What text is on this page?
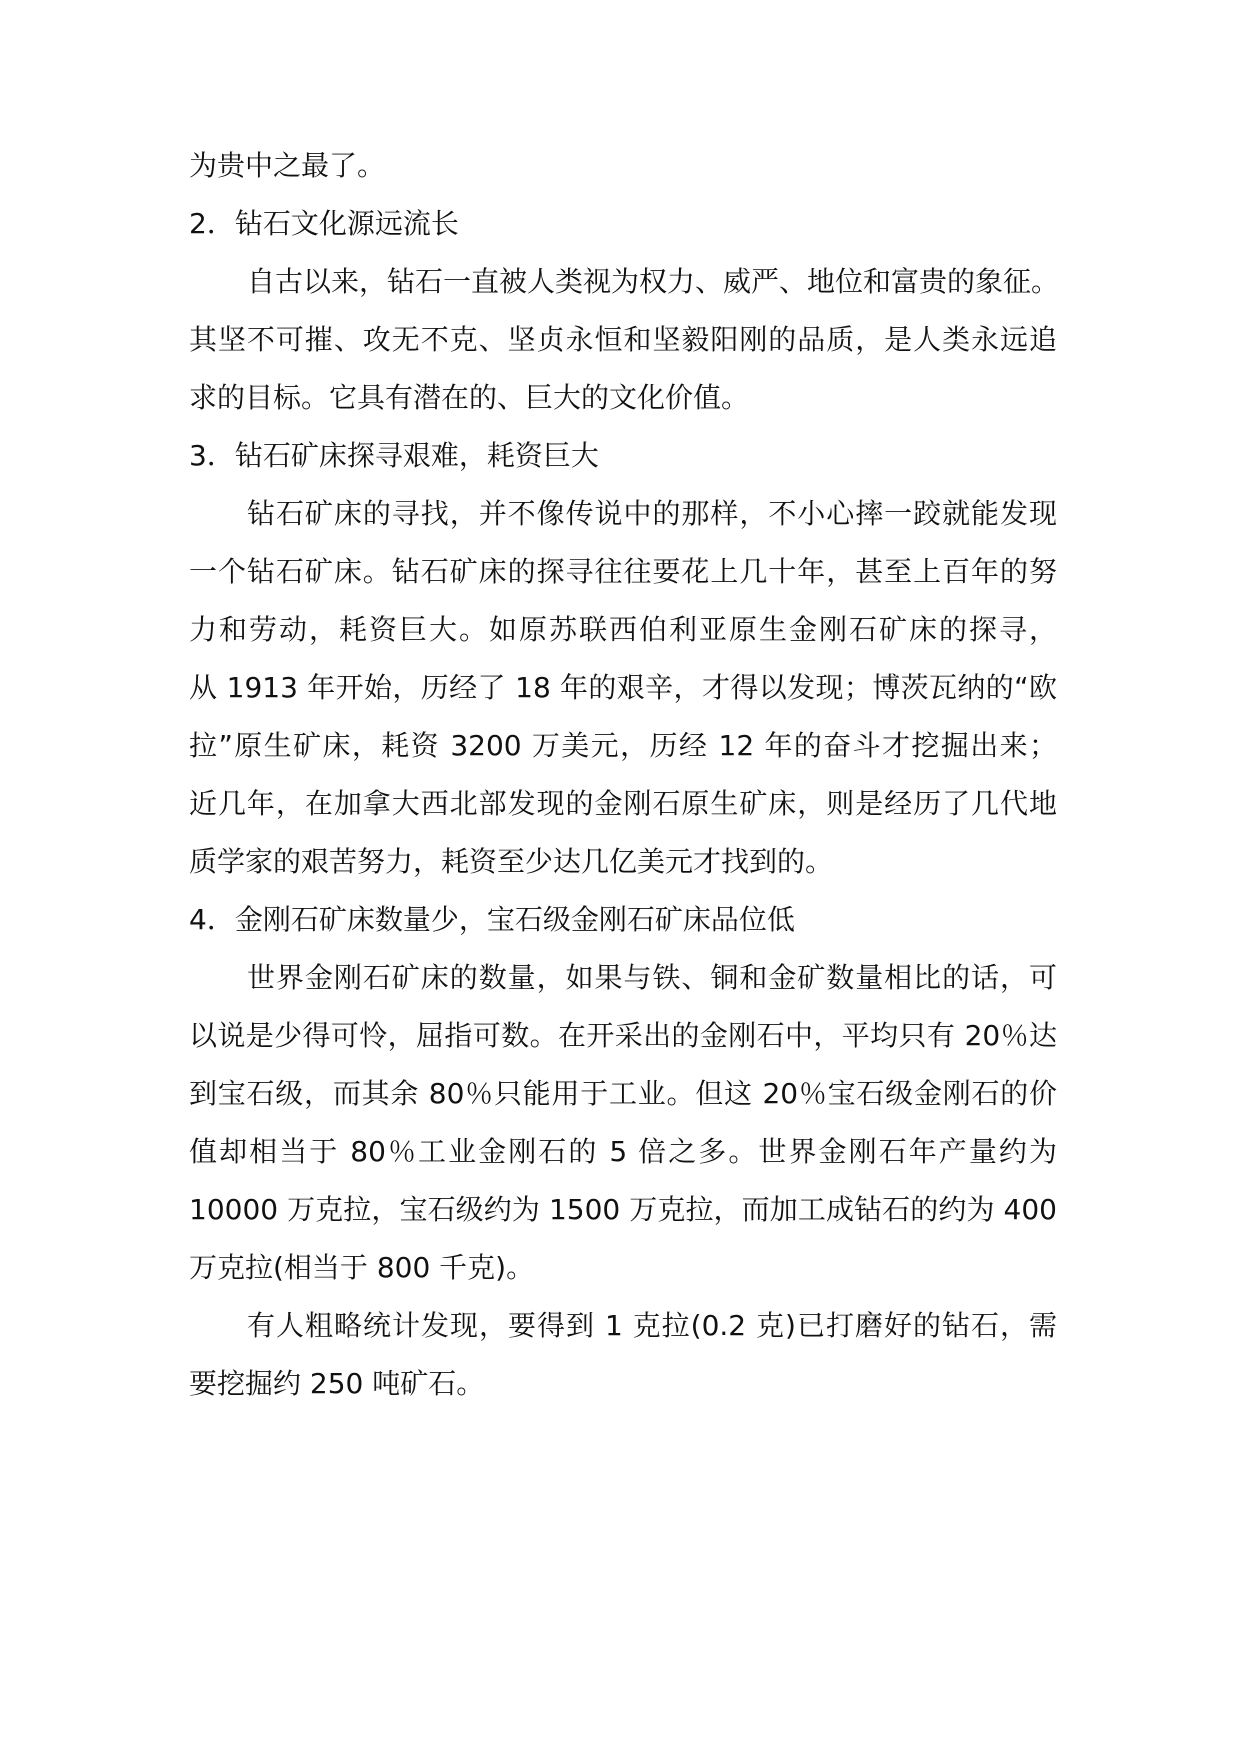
为贵中之最了。
2．钻石文化源远流长
自古以来，钻石一直被人类视为权力、威严、地位和富贵的象征。
其坚不可摧、攻无不克、坚贞永恒和坚毅阳刚的品质，是人类永远追
求的目标。它具有潜在的、巨大的文化价值。
3．钻石矿床探寻艰难，耗资巨大
钻石矿床的寻找，并不像传说中的那样，不小心摔一跤就能发现
一个钻石矿床。钻石矿床的探寻往往要花上几十年，甚至上百年的努
力和劳动，耗资巨大。如原苏联西伯利亚原生金刚石矿床的探寻，
从 1913 年开始，历经了 18 年的艰辛，才得以发现；博茨瓦纳的“欧
拉”原生矿床，耗资 3200 万美元，历经 12 年的奋斗才挖掘出来；
近几年，在加拿大西北部发现的金刚石原生矿床，则是经历了几代地
质学家的艰苦努力，耗资至少达几亿美元才找到的。
4．金刚石矿床数量少，宝石级金刚石矿床品位低
世界金刚石矿床的数量，如果与铁、铜和金矿数量相比的话，可
以说是少得可怜，屈指可数。在开采出的金刚石中，平均只有 20％达
到宝石级，而其余 80％只能用于工业。但这 20％宝石级金刚石的价
值却相当于 80％工业金刚石的 5 倍之多。世界金刚石年产量约为
10000 万克拉，宝石级约为 1500 万克拉，而加工成钻石的约为 400
万克拉(相当于 800 千克)。
有人粗略统计发现，要得到 1 克拉(0.2 克)已打磨好的钻石，需
要挖掘约 250 吨矿石。
